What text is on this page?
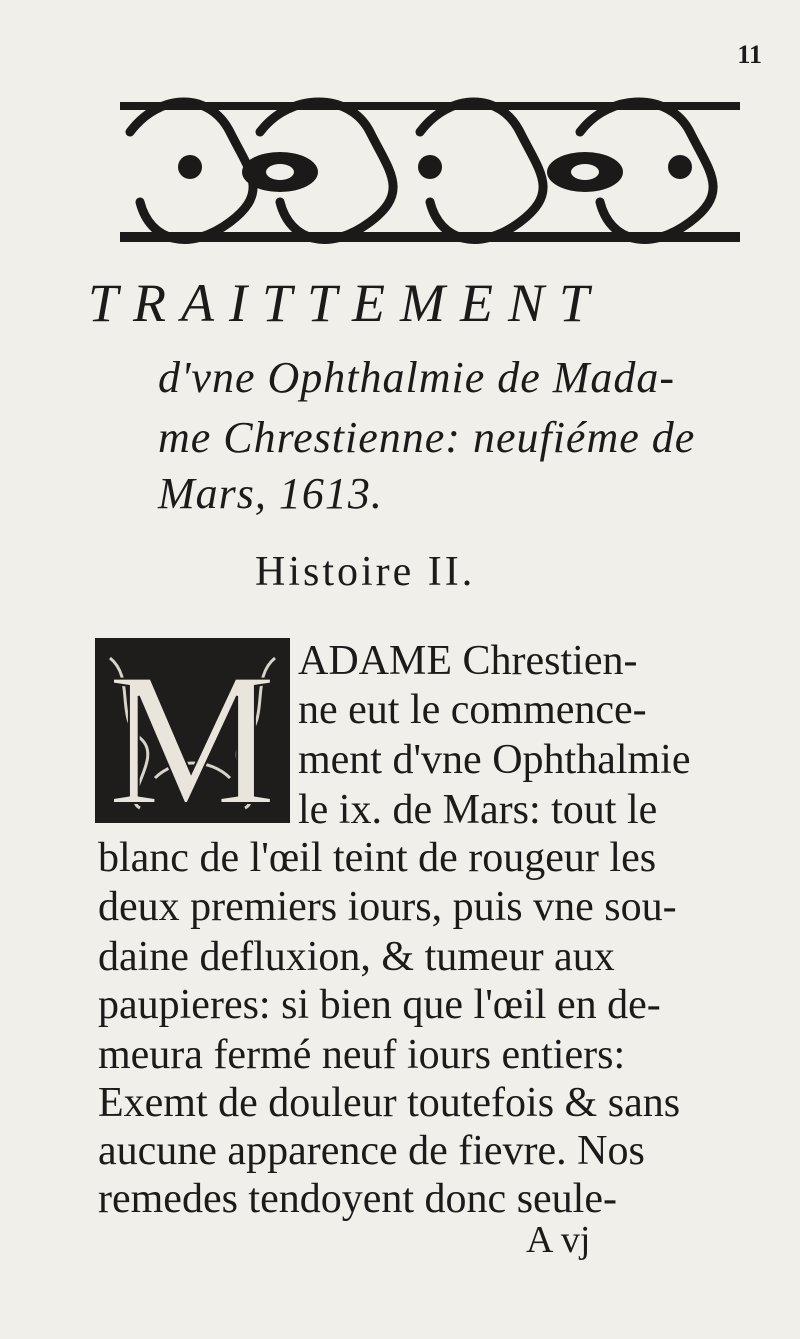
11
TRAITTEMENT
d'vne Ophthalmie de Mada-
me Chrestienne: neufiéme de
Mars, 1613.
Histoire II.
M ADAME Chrestien-
ne eut le commence-
ment d'vne Ophthalmie
le ix. de Mars: tout le
blanc de l'œil teint de rougeur les
deux premiers iours, puis vne sou-
daine defluxion, & tumeur aux
paupieres: si bien que l'œil en de-
meura fermé neuf iours entiers:
Exemt de douleur toutefois & sans
aucune apparence de fievre. Nos
remedes tendoyent donc seule-
A vj
